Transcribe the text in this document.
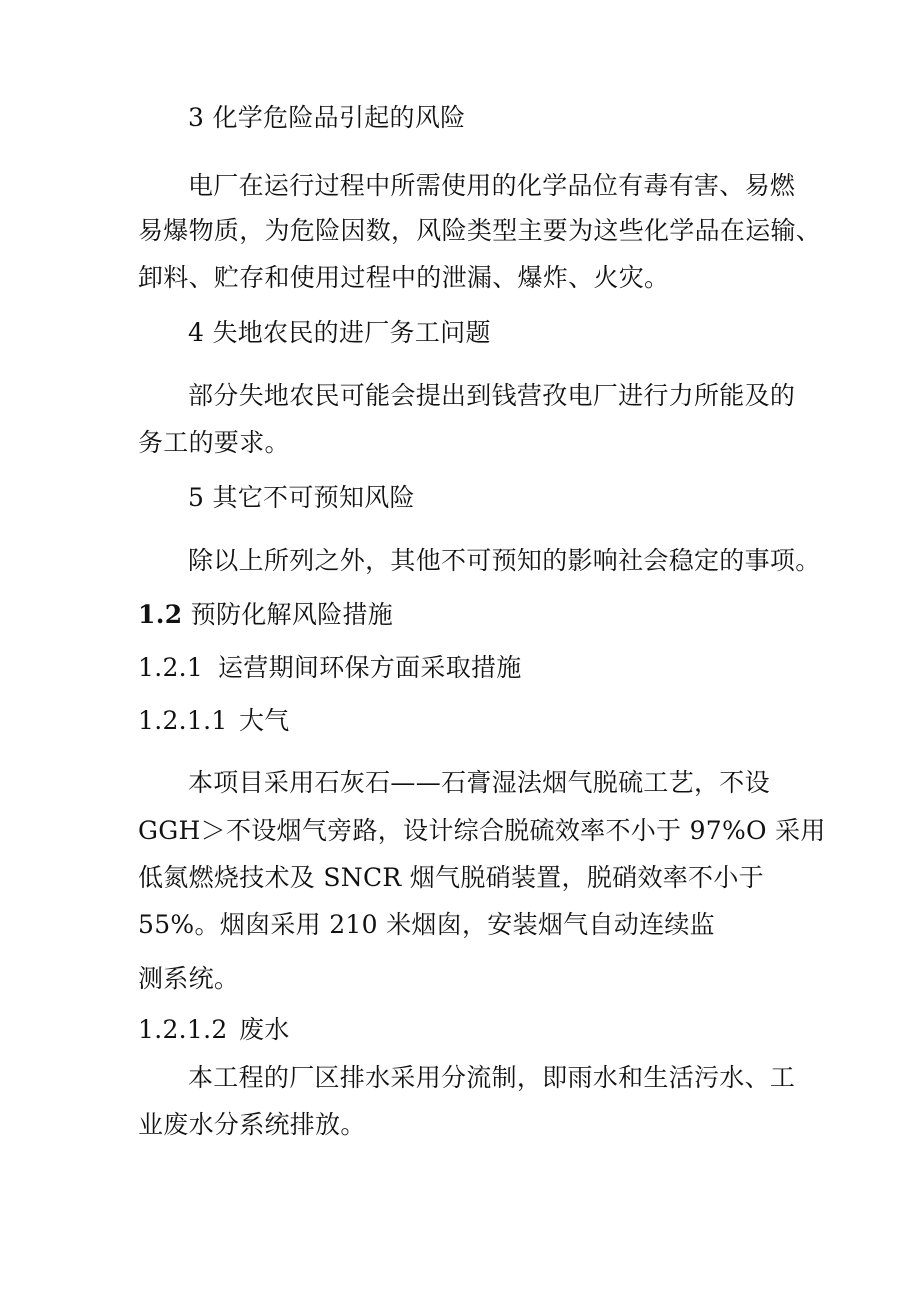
3 化学危险品引起的风险
电厂在运行过程中所需使用的化学品位有毒有害、易燃
易爆物质，为危险因数，风险类型主要为这些化学品在运输、
卸料、贮存和使用过程中的泄漏、爆炸、火灾。
4 失地农民的进厂务工问题
部分失地农民可能会提出到钱营孜电厂进行力所能及的
务工的要求。
5 其它不可预知风险
除以上所列之外，其他不可预知的影响社会稳定的事项。
1.2 预防化解风险措施
1.2.1 运营期间环保方面采取措施
1.2.1.1 大气
本项目采用石灰石——石膏湿法烟气脱硫工艺，不设
GGH＞不设烟气旁路，设计综合脱硫效率不小于 97%O 采用
低氮燃烧技术及 SNCR 烟气脱硝装置，脱硝效率不小于
55%。烟囱采用 210 米烟囱，安装烟气自动连续监
测系统。
1.2.1.2 废水
本工程的厂区排水采用分流制，即雨水和生活污水、工
业废水分系统排放。
